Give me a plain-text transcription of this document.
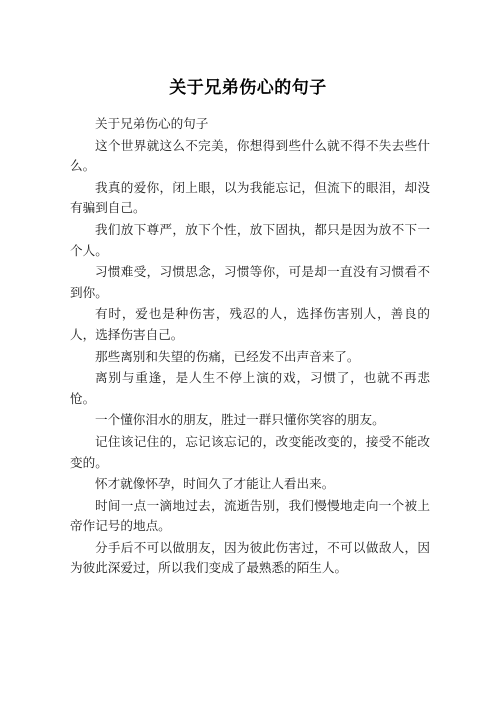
关于兄弟伤心的句子

关于兄弟伤心的句子

这个世界就这么不完美，你想得到些什么就不得不失去些什么。

我真的爱你，闭上眼，以为我能忘记，但流下的眼泪，却没有骗到自己。

我们放下尊严，放下个性，放下固执，都只是因为放不下一个人。

习惯难受，习惯思念，习惯等你，可是却一直没有习惯看不到你。

有时，爱也是种伤害，残忍的人，选择伤害别人，善良的人，选择伤害自己。

那些离别和失望的伤痛，已经发不出声音来了。

离别与重逢，是人生不停上演的戏，习惯了，也就不再悲怆。

一个懂你泪水的朋友，胜过一群只懂你笑容的朋友。

记住该记住的，忘记该忘记的，改变能改变的，接受不能改变的。

怀才就像怀孕，时间久了才能让人看出来。

时间一点一滴地过去，流逝告别，我们慢慢地走向一个被上帝作记号的地点。

分手后不可以做朋友，因为彼此伤害过，不可以做敌人，因为彼此深爱过，所以我们变成了最熟悉的陌生人。
